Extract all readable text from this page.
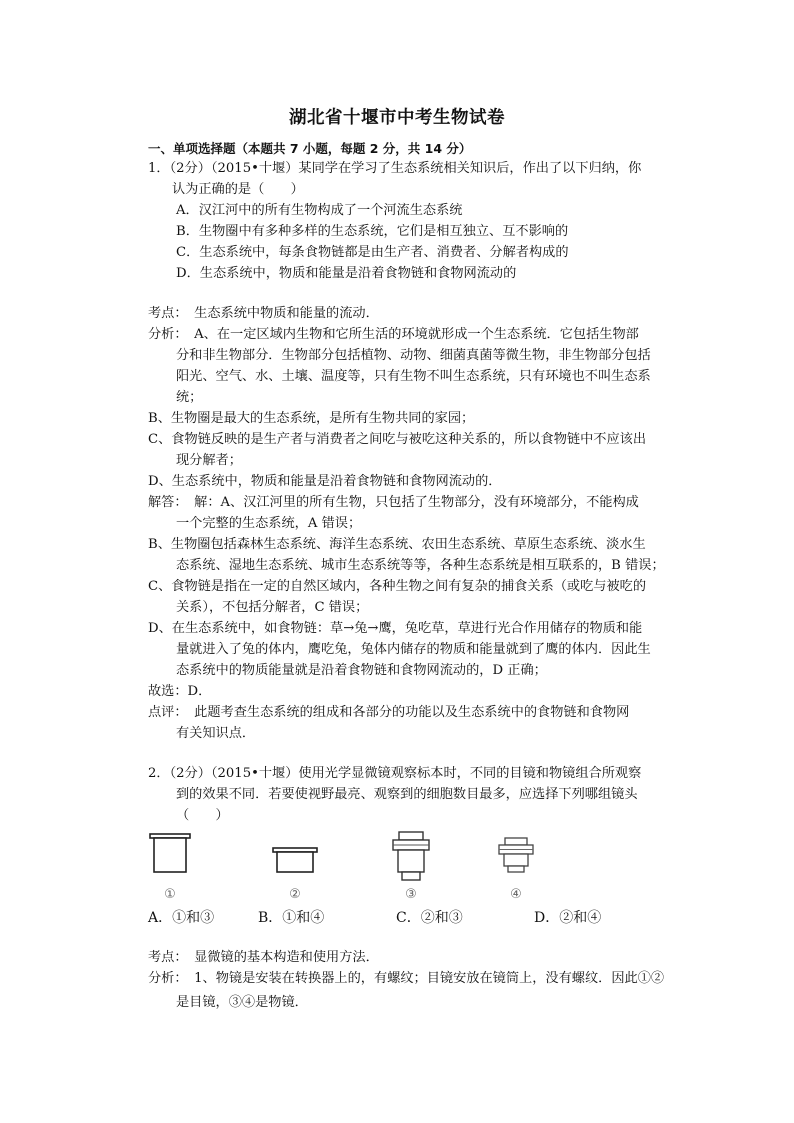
湖北省十堰市中考生物试卷
一、单项选择题（本题共 7 小题，每题 2 分，共 14 分）
1．（2分）（2015•十堰）某同学在学习了生态系统相关知识后，作出了以下归纳，你
认为正确的是（　　）
A．汉江河中的所有生物构成了一个河流生态系统
B．生物圈中有多种多样的生态系统，它们是相互独立、互不影响的
C．生态系统中，每条食物链都是由生产者、消费者、分解者构成的
D．生态系统中，物质和能量是沿着食物链和食物网流动的
考点：　生态系统中物质和能量的流动．
分析：　A、在一定区域内生物和它所生活的环境就形成一个生态系统．它包括生物部
分和非生物部分．生物部分包括植物、动物、细菌真菌等微生物，非生物部分包括
阳光、空气、水、土壤、温度等，只有生物不叫生态系统，只有环境也不叫生态系
统；
B、生物圈是最大的生态系统，是所有生物共同的家园；
C、食物链反映的是生产者与消费者之间吃与被吃这种关系的，所以食物链中不应该出
现分解者；
D、生态系统中，物质和能量是沿着食物链和食物网流动的．
解答：　解：A、汉江河里的所有生物，只包括了生物部分，没有环境部分，不能构成
一个完整的生态系统，A 错误；
B、生物圈包括森林生态系统、海洋生态系统、农田生态系统、草原生态系统、淡水生
态系统、湿地生态系统、城市生态系统等等，各种生态系统是相互联系的，B 错误；
C、食物链是指在一定的自然区域内，各种生物之间有复杂的捕食关系（或吃与被吃的
关系），不包括分解者，C 错误；
D、在生态系统中，如食物链：草→兔→鹰，兔吃草，草进行光合作用储存的物质和能
量就进入了兔的体内，鹰吃兔，兔体内储存的物质和能量就到了鹰的体内．因此生
态系统中的物质能量就是沿着食物链和食物网流动的，D 正确；
故选：D．
点评：　此题考查生态系统的组成和各部分的功能以及生态系统中的食物链和食物网
有关知识点．
2．（2分）（2015•十堰）使用光学显微镜观察标本时，不同的目镜和物镜组合所观察
到的效果不同．若要使视野最亮、观察到的细胞数目最多，应选择下列哪组镜头
（　　）
①	②	③	④
A．①和③	B．①和④	C．②和③	D．②和④
考点：　显微镜的基本构造和使用方法．
分析：　1、物镜是安装在转换器上的，有螺纹；目镜安放在镜筒上，没有螺纹．因此①②
是目镜，③④是物镜．
